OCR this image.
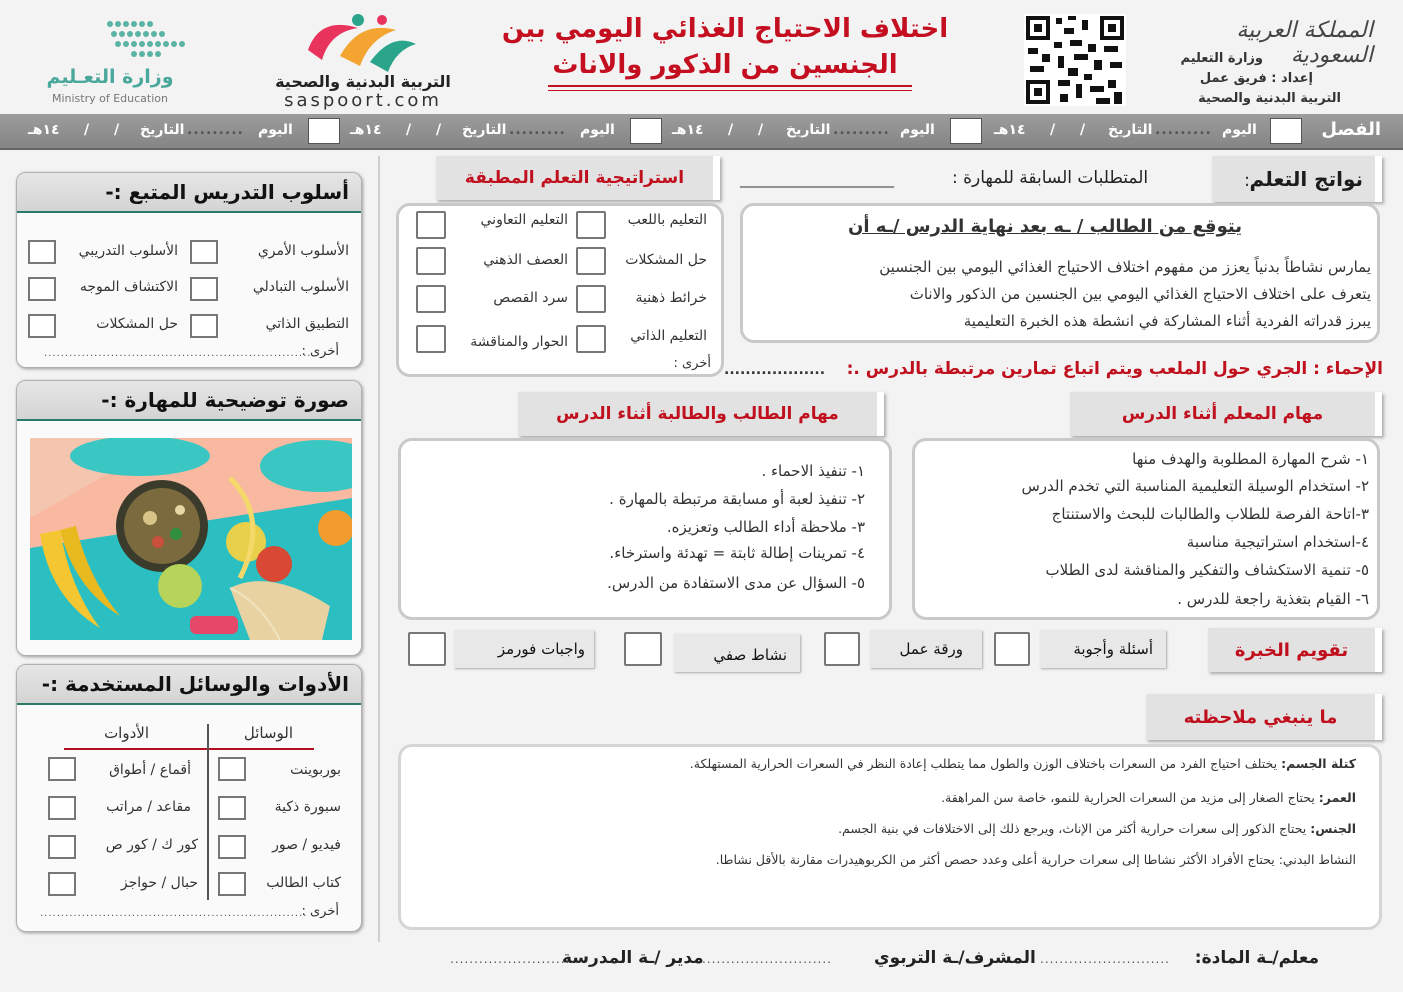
المملكة العربية السعودية
وزارة التعليم
إعداد : فريق عمل
التربية البدنية والصحية
اختلاف الاحتياج الغذائي اليومي بين
الجنسين من الذكور والاناث
التربية البدنية والصحية
saspoort.com
وزارة التعـليم
Ministry of Education
الفصل
اليوم
التاريخ .........
/
/
١٤هـ
اليوم
التاريخ .........
/
/
١٤هـ
اليوم
التاريخ .........
/
/
١٤هـ
اليوم
التاريخ .........
/
/
١٤هـ
نواتج التعلم
:
المتطلبات السابقة للمهارة :
______________________
يتوقع من الطالب / ـه بعد نهاية الدرس /ـه أن
يمارس نشاطاً بدنياً يعزز من مفهوم اختلاف الاحتياج الغذائي اليومي بين الجنسين
يتعرف على اختلاف الاحتياج الغذائي اليومي بين الجنسين من الذكور والاناث
يبرز قدراته الفردية أثناء المشاركة في انشطة هذه الخبرة التعليمية
استراتيجية التعلم المطبقة
التعليم باللعب
حل المشكلات
خرائط ذهنية
التعليم الذاتي
التعليم التعاوني
العصف الذهني
سرد القصص
الحوار والمناقشة
أخرى :	الإحماء : الجري حول الملعب ويتم اتباع تمارين مرتبطة بالدرس .:
...................
مهام المعلم أثناء الدرس
١- شرح المهارة المطلوبة والهدف منها
٢- استخدام الوسيلة التعليمية المناسبة التي تخدم الدرس
٣-اتاحة الفرصة للطلاب والطالبات للبحث والاستنتاج
٤-استخدام استراتيجية مناسبة
٥- تنمية الاستكشاف والتفكير والمناقشة لدى الطلاب
٦- القيام بتغذية راجعة للدرس .
مهام الطالب والطالبة أثناء الدرس
١- تنفيذ الاحماء .
٢- تنفيذ لعبة أو مسابقة مرتبطة بالمهارة .
٣- ملاحظة أداء الطالب وتعزيزه.
٤- تمرينات إطالة ثابتة = تهدئة واسترخاء.
٥- السؤال عن مدى الاستفادة من الدرس.
تقويم الخبرة
أسئلة وأجوبة
ورقة عمل
نشاط صفي
واجبات فورمز
ما ينبغي ملاحظته
كتلة الجسم: يختلف احتياج الفرد من السعرات باختلاف الوزن والطول مما يتطلب إعادة النظر في السعرات الحرارية المستهلكة.
العمر: يحتاج الصغار إلى مزيد من السعرات الحرارية للنمو، خاصة سن المراهقة.
الجنس: يحتاج الذكور إلى سعرات حرارية أكثر من الإناث، ويرجع ذلك إلى الاختلافات في بنية الجسم.
النشاط البدني: يحتاج الأفراد الأكثر نشاطا إلى سعرات حرارية أعلى وعدد حصص أكثر من الكربوهيدرات مقارنة بالأقل نشاطا.
معلم/ـة المادة:
...........................
المشرف/ـة التربوي
...........................
مدير /ـة المدرسة
...........................
أسلوب التدريس المتبع :-
الأسلوب الأمري
الأسلوب التبادلي
التطبيق الذاتي
الأسلوب التدريبي
الاكتشاف الموجه
حل المشكلات
أخرى :
................................................................
صورة توضيحية للمهارة :-
الأدوات والوسائل المستخدمة :-
الوسائل
الأدوات
بوربوينت
سبورة ذكية
فيديو / صور
كتاب الطالب
أقماع / أطواق
مقاعد / مراتب
كور ك / كور ص
حبال / حواجز
أخرى :
................................................................
